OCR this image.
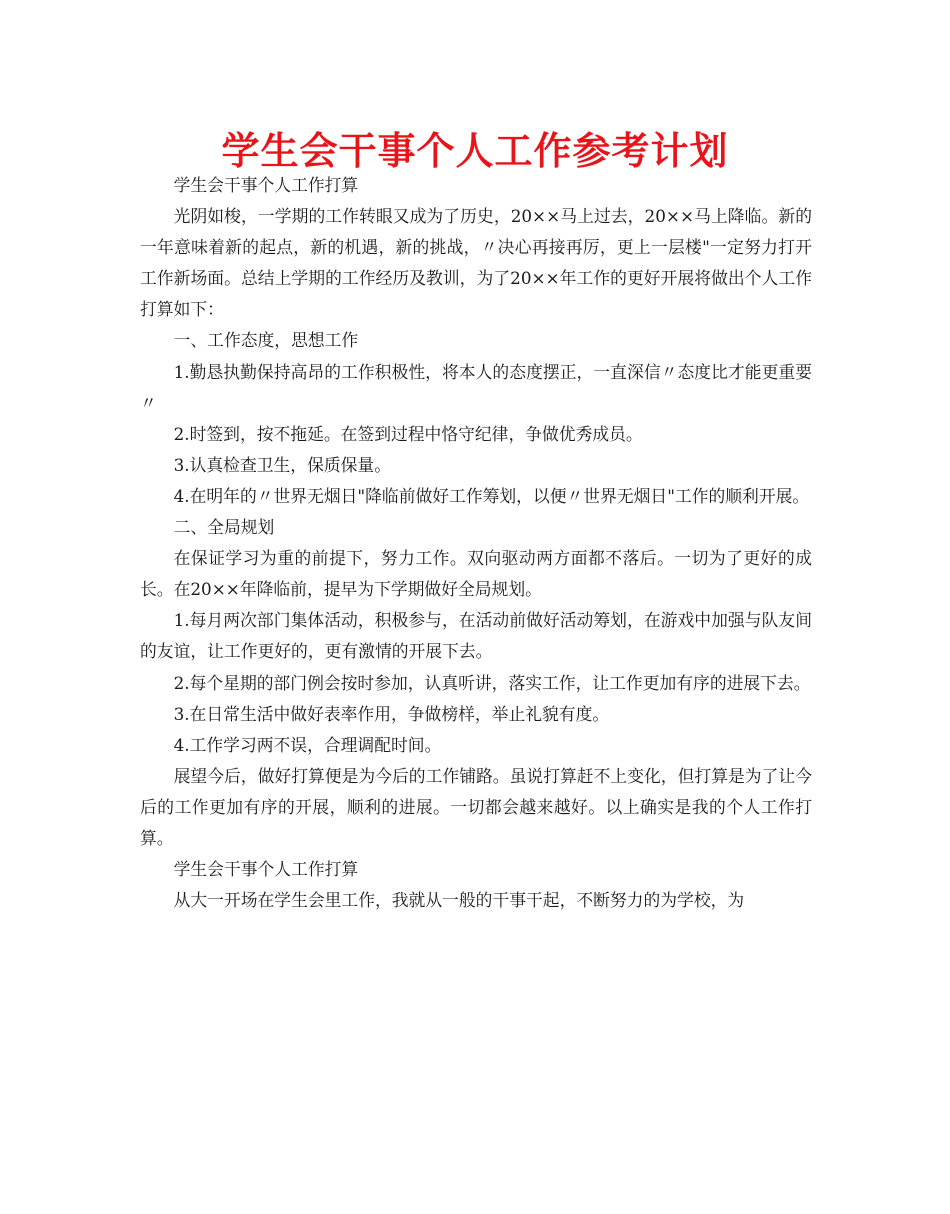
学生会干事个人工作参考计划

学生会干事个人工作打算

光阴如梭，一学期的工作转眼又成为了历史，20××马上过去，20××马上降临。新的一年意味着新的起点，新的机遇，新的挑战，〃决心再接再厉，更上一层楼"一定努力打开工作新场面。总结上学期的工作经历及教训，为了20××年工作的更好开展将做出个人工作打算如下：

一、工作态度，思想工作

1.勤恳执勤保持高昂的工作积极性，将本人的态度摆正，一直深信〃态度比才能更重要〃

2.时签到，按不拖延。在签到过程中恪守纪律，争做优秀成员。

3.认真检查卫生，保质保量。

4.在明年的〃世界无烟日"降临前做好工作筹划，以便〃世界无烟日"工作的顺利开展。

二、全局规划

在保证学习为重的前提下，努力工作。双向驱动两方面都不落后。一切为了更好的成长。在20××年降临前，提早为下学期做好全局规划。

1.每月两次部门集体活动，积极参与，在活动前做好活动筹划，在游戏中加强与队友间的友谊，让工作更好的，更有激情的开展下去。

2.每个星期的部门例会按时参加，认真听讲，落实工作，让工作更加有序的进展下去。

3.在日常生活中做好表率作用，争做榜样，举止礼貌有度。

4.工作学习两不误，合理调配时间。

展望今后，做好打算便是为今后的工作铺路。虽说打算赶不上变化，但打算是为了让今后的工作更加有序的开展，顺利的进展。一切都会越来越好。以上确实是我的个人工作打算。

学生会干事个人工作打算

从大一开场在学生会里工作，我就从一般的干事干起，不断努力的为学校，为
